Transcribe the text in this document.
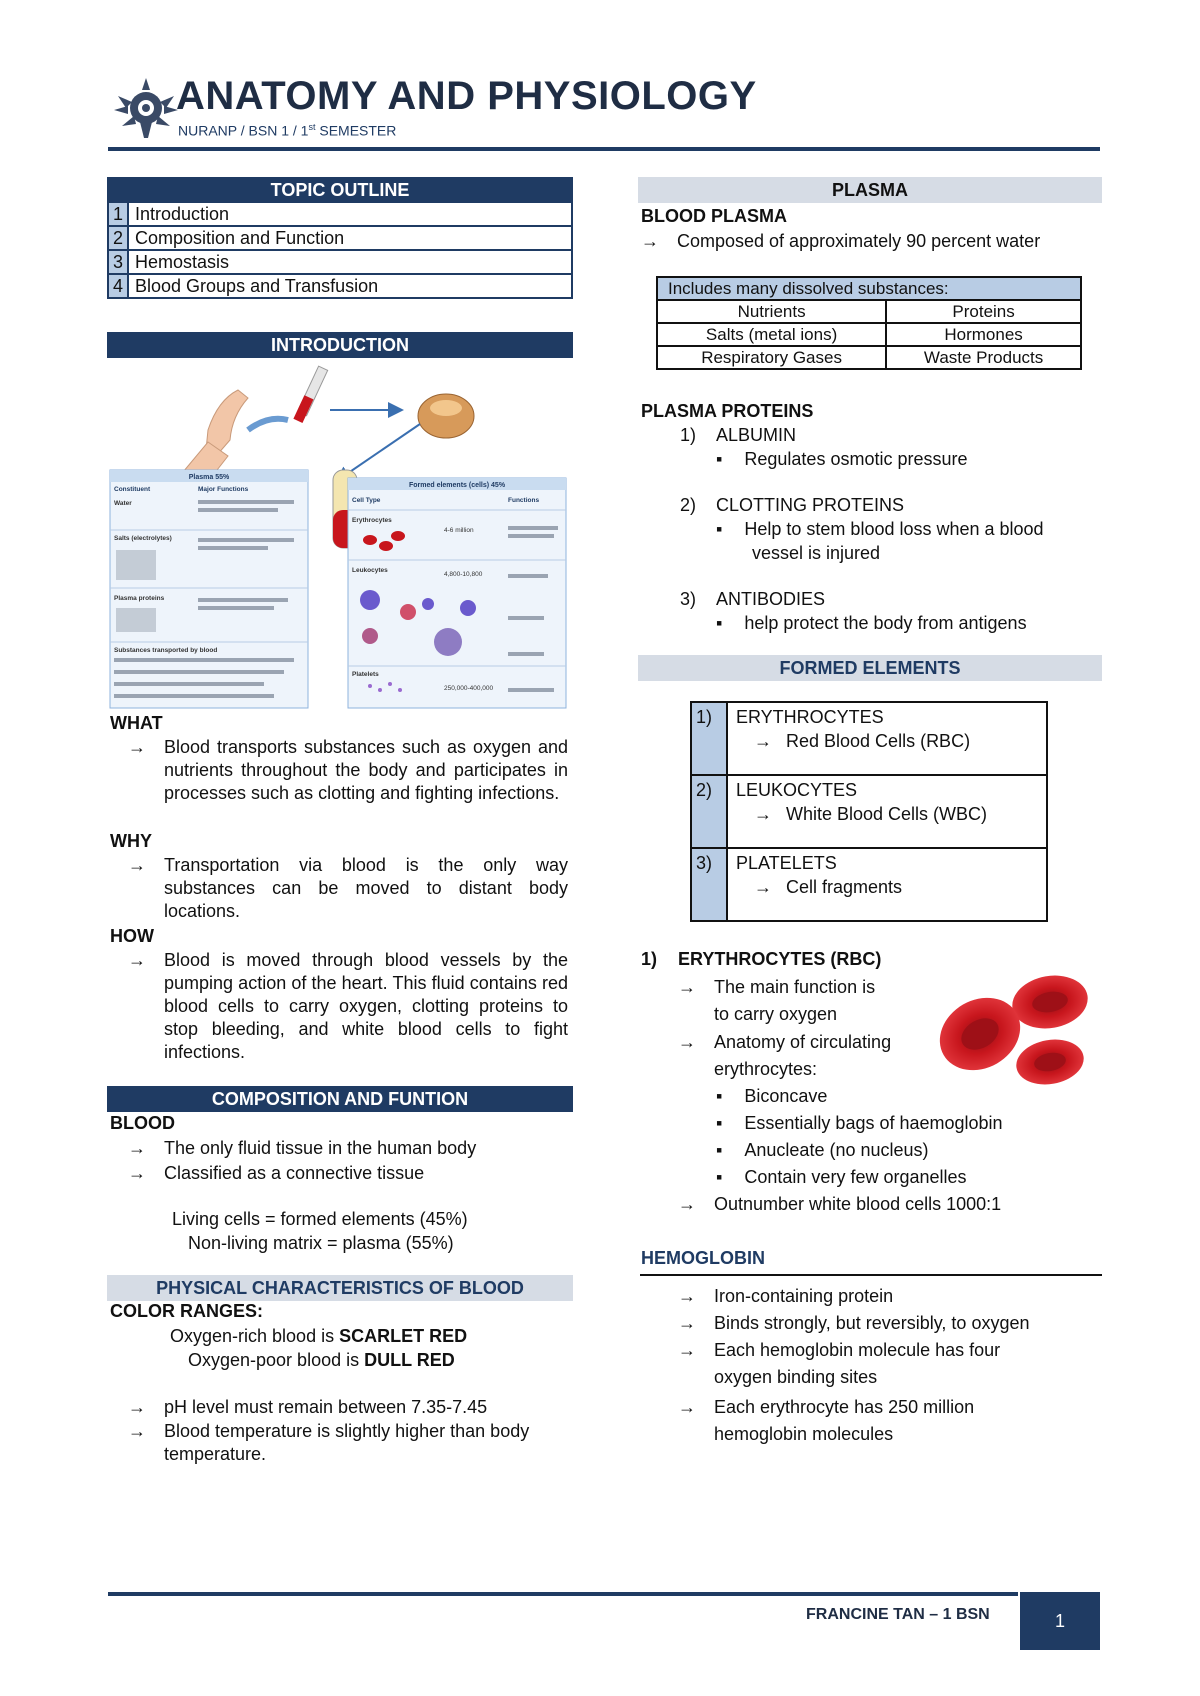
ANATOMY AND PHYSIOLOGY
NURANP / BSN 1 / 1st SEMESTER
TOPIC OUTLINE	
1	Introduction
2	Composition and Function
3	Hemostasis
4	Blood Groups and Transfusion
INTRODUCTION
Plasma 55%
Constituent	Major Functions
Water
Salts (electrolytes)
Plasma proteins
Substances transported by blood
Formed elements (cells) 45%
Cell Type	Functions
Erythrocytes
4-6 million
Leukocytes
4,800-10,800
Platelets
250,000-400,000
WHAT
→ Blood transports substances such as oxygen and nutrients throughout the body and participates in processes such as clotting and fighting infections.
WHY
→ Transportation via blood is the only way substances can be moved to distant body locations.
HOW
→ Blood is moved through blood vessels by the pumping action of the heart. This fluid contains red blood cells to carry oxygen, clotting proteins to stop bleeding, and white blood cells to fight infections.
COMPOSITION AND FUNTION
BLOOD
→ The only fluid tissue in the human body
→ Classified as a connective tissue
Living cells = formed elements (45%)
Non-living matrix = plasma (55%)
PHYSICAL CHARACTERISTICS OF BLOOD
COLOR RANGES:
Oxygen-rich blood is SCARLET RED
Oxygen-poor blood is DULL RED
→ pH level must remain between 7.35-7.45
→ Blood temperature is slightly higher than body temperature.
PLASMA
BLOOD PLASMA
→ Composed of approximately 90 percent water
Includes many dissolved substances:	
Nutrients	Proteins
Salts (metal ions)	Hormones
Respiratory Gases	Waste Products
PLASMA PROTEINS
1) ALBUMIN
▪ Regulates osmotic pressure
2) CLOTTING PROTEINS
▪ Help to stem blood loss when a blood
vessel is injured
3) ANTIBODIES
▪ help protect the body from antigens
FORMED ELEMENTS
1)	ERYTHROCYTES
→ Red Blood Cells (RBC)

2)	LEUKOCYTES
→ White Blood Cells (WBC)

3)	PLATELETS
→ Cell fragments
1) ERYTHROCYTES (RBC)
→ The main function is
to carry oxygen
→ Anatomy of circulating
erythrocytes:
▪ Biconcave
▪ Essentially bags of haemoglobin
▪ Anucleate (no nucleus)
▪ Contain very few organelles
→ Outnumber white blood cells 1000:1
HEMOGLOBIN
→ Iron-containing protein
→ Binds strongly, but reversibly, to oxygen
→ Each hemoglobin molecule has four
oxygen binding sites
→ Each erythrocyte has 250 million
hemoglobin molecules
FRANCINE TAN – 1 BSN	1
